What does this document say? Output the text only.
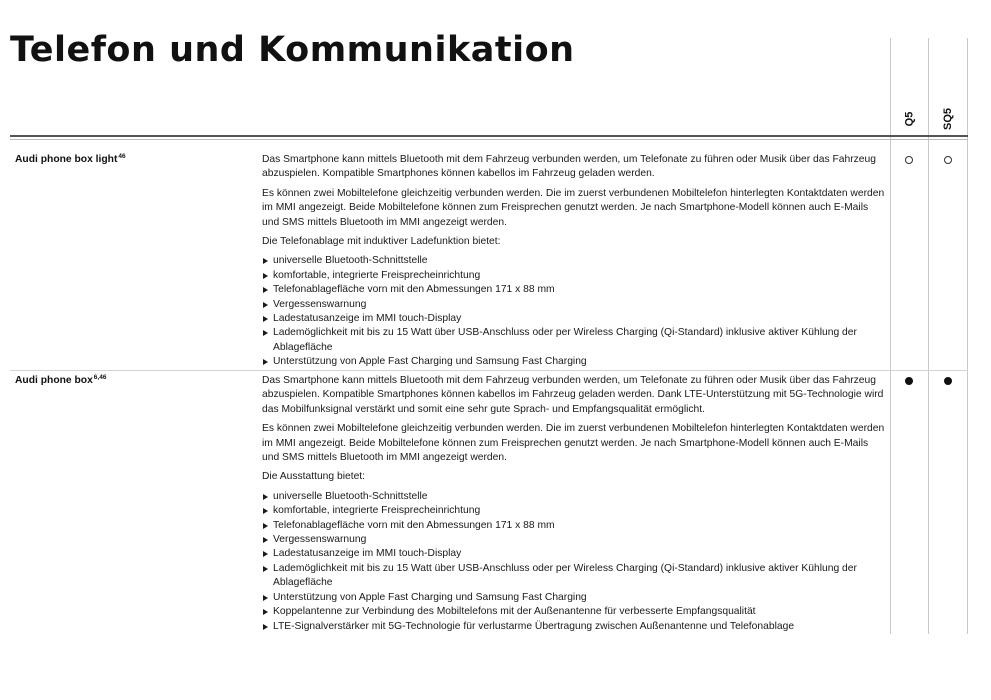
Telefon und Kommunikation
Q5 SQ5
Audi phone box light$^{46}$	Das Smartphone kann mittels Bluetooth mit dem Fahrzeug verbunden werden, um Telefonate zu führen oder Musik über das Fahrzeug abzuspielen. Kompatible Smartphones können kabellos im Fahrzeug geladen werden.

Es können zwei Mobiltelefone gleichzeitig verbunden werden. Die im zuerst verbundenen Mobiltelefon hinterlegten Kontaktdaten werden im MMI angezeigt. Beide Mobiltelefone können zum Freisprechen genutzt werden. Je nach Smartphone-Modell können auch E-Mails und SMS mittels Bluetooth im MMI angezeigt werden.

Die Telefonablage mit induktiver Ladefunktion bietet:

universelle Bluetooth-Schnittstelle
komfortable, integrierte Freisprecheinrichtung
Telefonablagefläche vorn mit den Abmessungen 171 x 88 mm
Vergessenswarnung
Ladestatusanzeige im MMI touch-Display
Lademöglichkeit mit bis zu 15 Watt über USB-Anschluss oder per Wireless Charging (Qi-Standard) inklusive aktiver Kühlung der Ablagefläche
Unterstützung von Apple Fast Charging und Samsung Fast Charging
Audi phone box$^{6,46}$	Das Smartphone kann mittels Bluetooth mit dem Fahrzeug verbunden werden, um Telefonate zu führen oder Musik über das Fahrzeug abzuspielen. Kompatible Smartphones können kabellos im Fahrzeug geladen werden. Dank LTE-Unterstützung mit 5G-Technologie wird das Mobilfunksignal verstärkt und somit eine sehr gute Sprach- und Empfangsqualität ermöglicht.

Es können zwei Mobiltelefone gleichzeitig verbunden werden. Die im zuerst verbundenen Mobiltelefon hinterlegten Kontaktdaten werden im MMI angezeigt. Beide Mobiltelefone können zum Freisprechen genutzt werden. Je nach Smartphone-Modell können auch E-Mails und SMS mittels Bluetooth im MMI angezeigt werden.

Die Ausstattung bietet:

universelle Bluetooth-Schnittstelle
komfortable, integrierte Freisprecheinrichtung
Telefonablagefläche vorn mit den Abmessungen 171 x 88 mm
Vergessenswarnung
Ladestatusanzeige im MMI touch-Display
Lademöglichkeit mit bis zu 15 Watt über USB-Anschluss oder per Wireless Charging (Qi-Standard) inklusive aktiver Kühlung der Ablagefläche
Unterstützung von Apple Fast Charging und Samsung Fast Charging
Koppelantenne zur Verbindung des Mobiltelefons mit der Außenantenne für verbesserte Empfangsqualität
LTE-Signalverstärker mit 5G-Technologie für verlustarme Übertragung zwischen Außenantenne und Telefonablage
